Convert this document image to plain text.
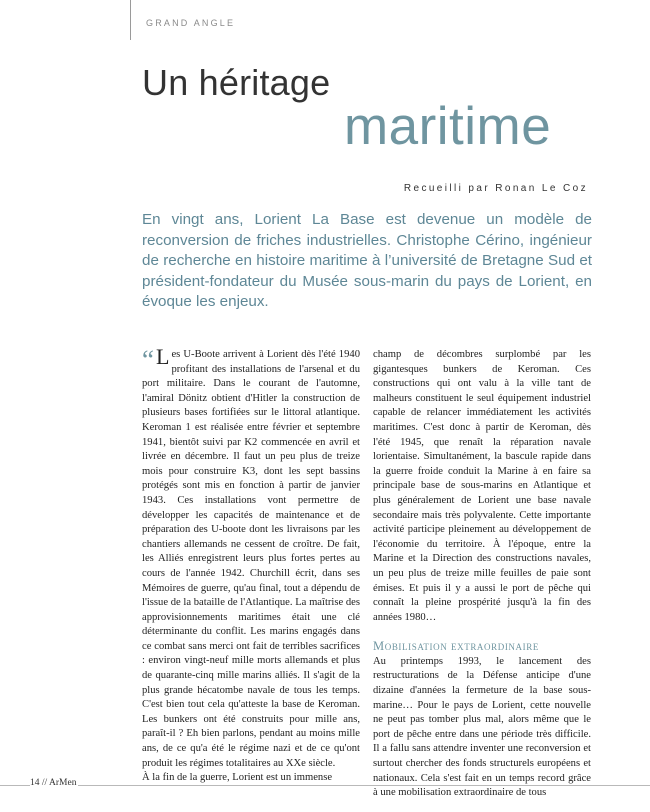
GRAND ANGLE
Un héritage
maritime
Recueilli par Ronan Le Coz
En vingt ans, Lorient La Base est devenue un modèle de reconversion de friches industrielles. Christophe Cérino, ingénieur de recherche en histoire maritime à l’université de Bretagne Sud et président-fondateur du Musée sous-marin du pays de Lorient, en évoque les enjeux.
“ L es U-Boote arrivent à Lorient dès l'été 1940 profitant des installations de l'arsenal et du port militaire. Dans le courant de l'automne, l'amiral Dönitz obtient d'Hitler la construction de plusieurs bases fortifiées sur le littoral atlantique. Keroman 1 est réalisée entre février et septembre 1941, bientôt suivi par K2 commencée en avril et livrée en décembre. Il faut un peu plus de treize mois pour construire K3, dont les sept bassins protégés sont mis en fonction à partir de janvier 1943. Ces installations vont permettre de développer les capacités de maintenance et de préparation des U-boote dont les livraisons par les chantiers allemands ne cessent de croître. De fait, les Alliés enregistrent leurs plus fortes pertes au cours de l'année 1942. Churchill écrit, dans ses Mémoires de guerre, qu'au final, tout a dépendu de l'issue de la bataille de l'Atlantique. La maîtrise des approvisionnements maritimes était une clé déterminante du conflit. Les marins engagés dans ce combat sans merci ont fait de terribles sacrifices : environ vingt-neuf mille morts allemands et plus de quarante-cinq mille marins alliés. Il s'agit de la plus grande hécatombe navale de tous les temps. C'est bien tout cela qu'atteste la base de Keroman. Les bunkers ont été construits pour mille ans, paraît-il ? Eh bien parlons, pendant au moins mille ans, de ce qu'a été le régime nazi et de ce qu'ont produit les régimes totalitaires au XXe siècle.

À la fin de la guerre, Lorient est un immense

champ de décombres surplombé par les gigantesques bunkers de Keroman. Ces constructions qui ont valu à la ville tant de malheurs constituent le seul équipement industriel capable de relancer immédiatement les activités maritimes. C'est donc à partir de Keroman, dès l'été 1945, que renaît la réparation navale lorientaise. Simultanément, la bascule rapide dans la guerre froide conduit la Marine à en faire sa principale base de sous-marins en Atlantique et plus généralement de Lorient une base navale secondaire mais très polyvalente. Cette importante activité participe pleinement au développement de l'économie du territoire. À l'époque, entre la Marine et la Direction des constructions navales, un peu plus de treize mille feuilles de paie sont émises. Et puis il y a aussi le port de pêche qui connaît la pleine prospérité jusqu'à la fin des années 1980…

Mobilisation extraordinaire

Au printemps 1993, le lancement des restructurations de la Défense anticipe d'une dizaine d'années la fermeture de la base sous-marine… Pour le pays de Lorient, cette nouvelle ne peut pas tomber plus mal, alors même que le port de pêche entre dans une période très difficile. Il a fallu sans attendre inventer une reconversion et surtout chercher des fonds structurels européens et nationaux. Cela s'est fait en un temps record grâce à une mobilisation extraordinaire de tous

14 // ArMen
